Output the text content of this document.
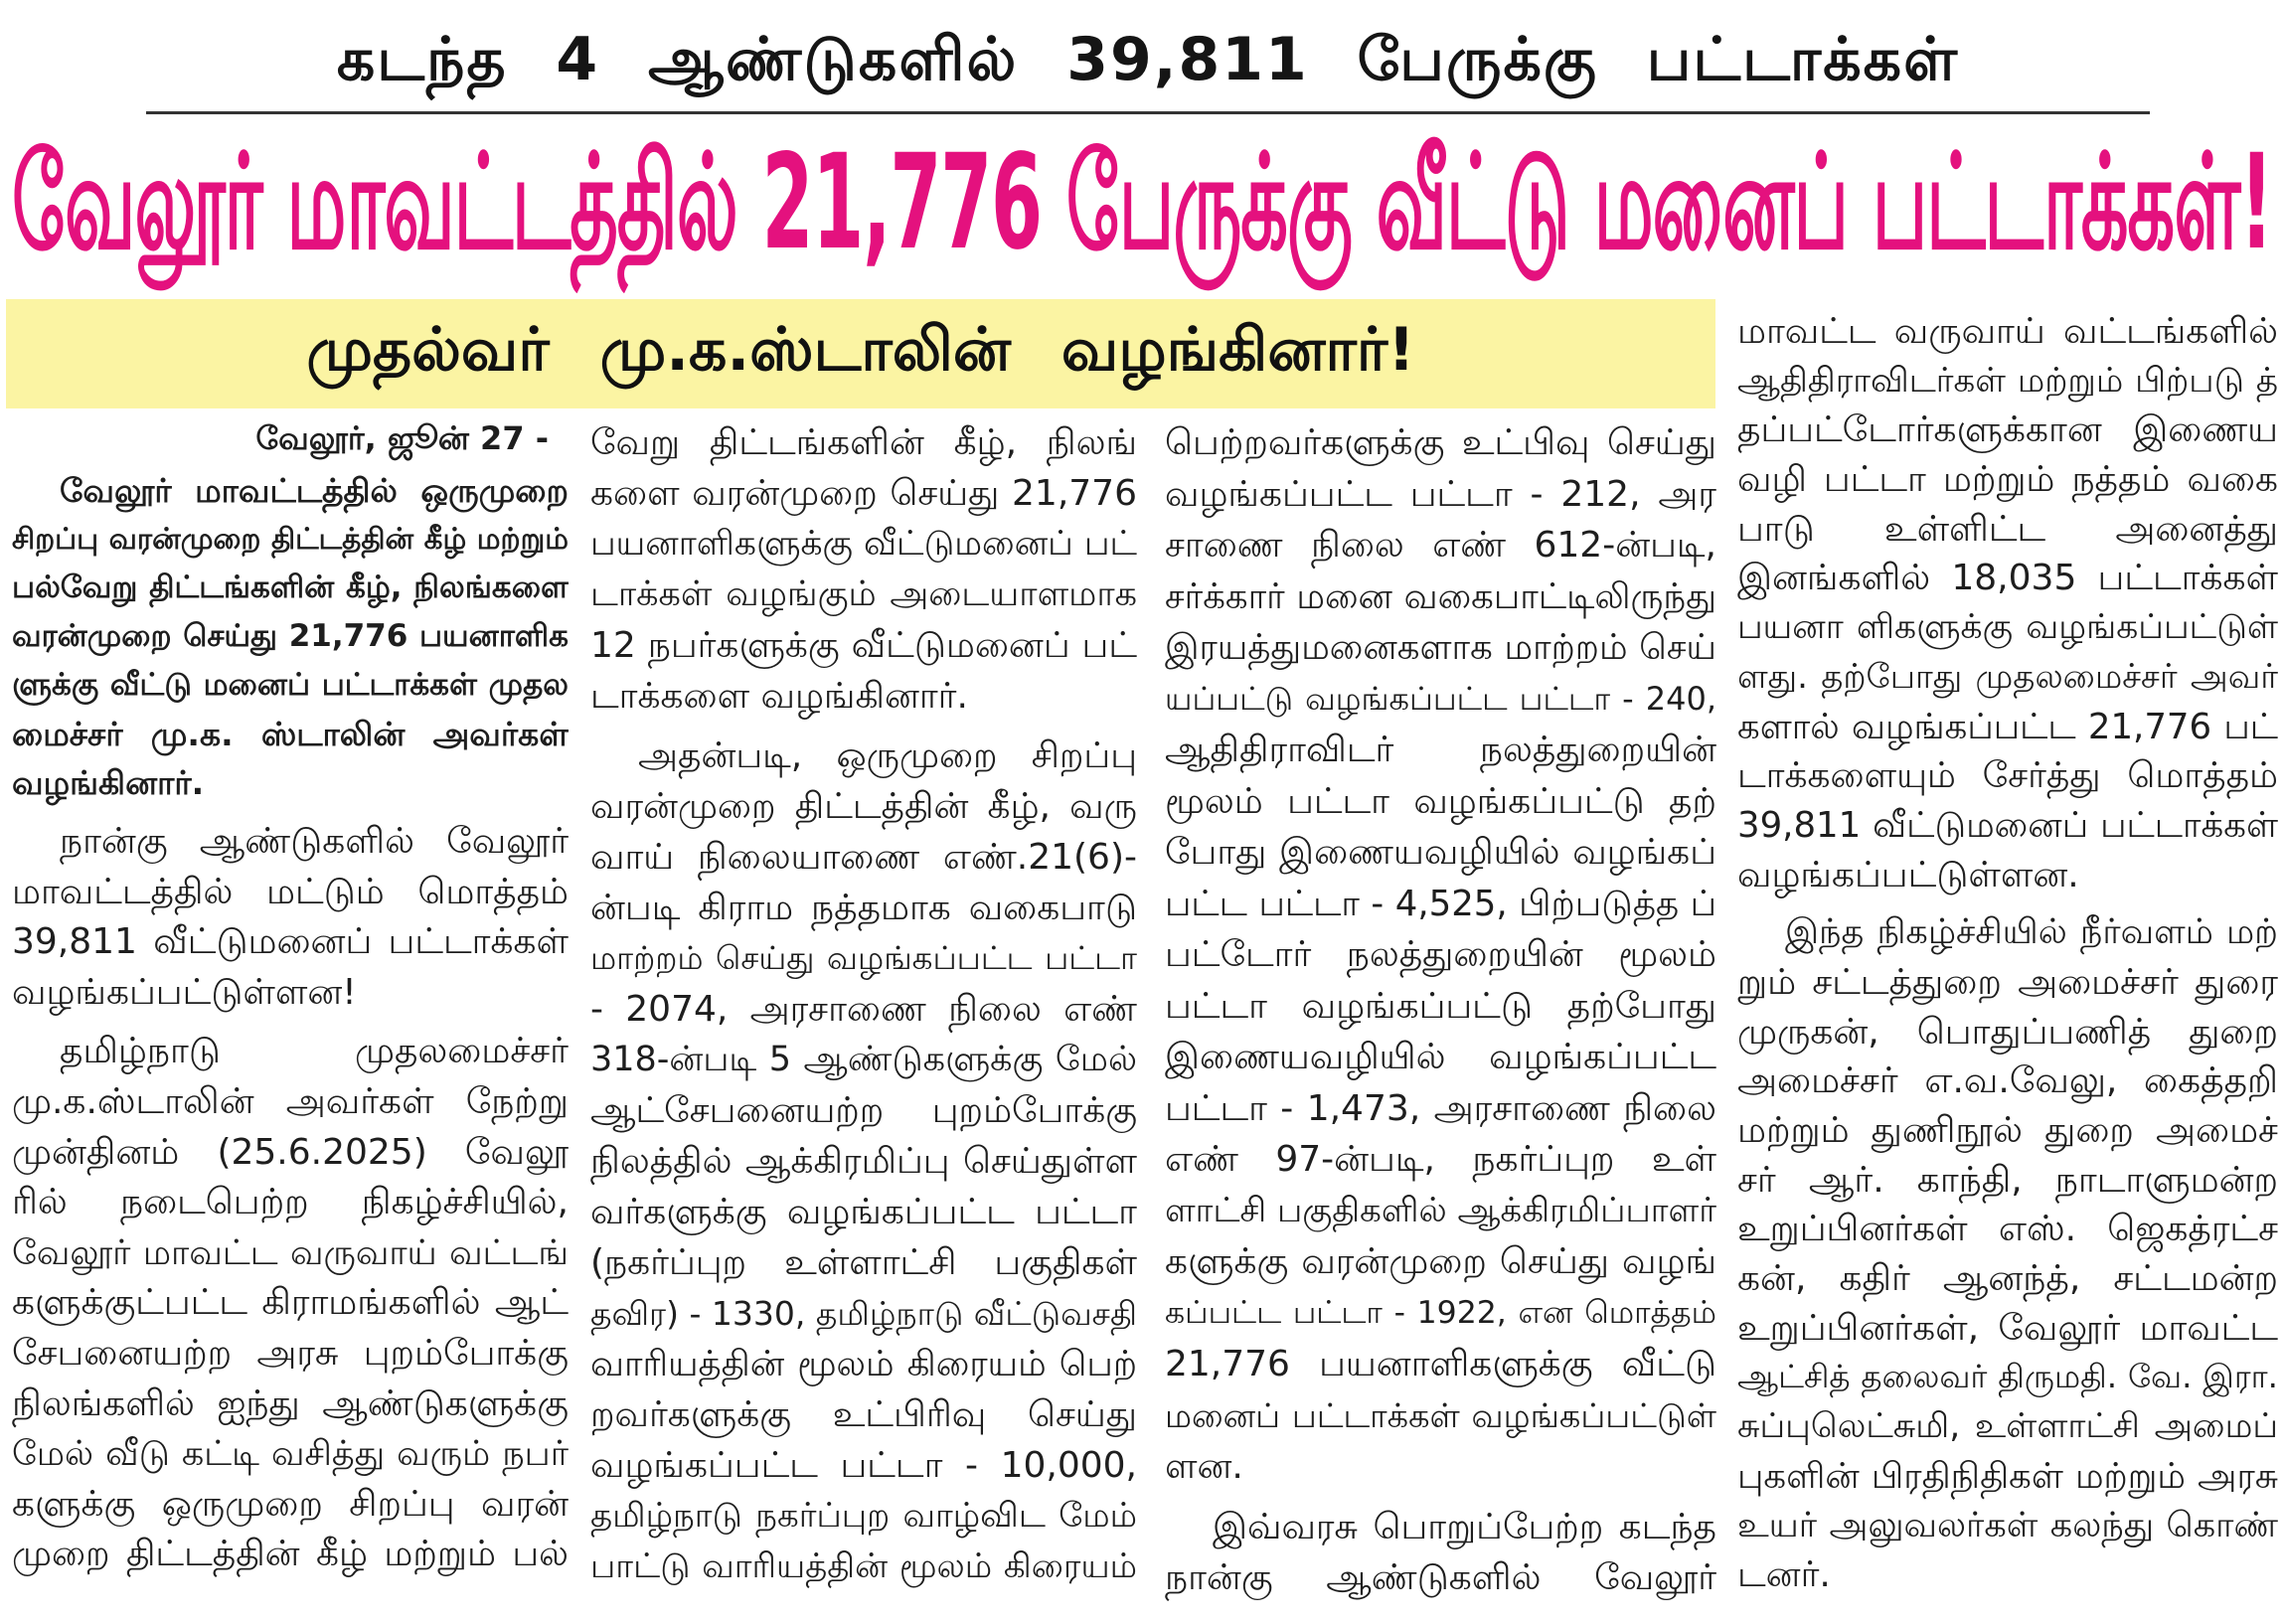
கடந்த 4 ஆண்டுகளில் 39,811 பேருக்கு பட்டாக்கள்
வேலூர் மாவட்டத்தில் 21,776 பேருக்கு வீட்டு மனைப் பட்டாக்கள்!
முதல்வர் மு.க.ஸ்டாலின் வழங்கினார்!
வேலூர், ஜூன் 27 -
வேலூர் மாவட்டத்தில் ஒருமுறை
சிறப்பு வரன்முறை திட்டத்தின் கீழ் மற்றும்
பல்வேறு திட்டங்களின் கீழ், நிலங்களை
வரன்முறை செய்து 21,776 பயனாளிக
ளுக்கு வீட்டு மனைப் பட்டாக்கள் முதல
மைச்சர் மு.க. ஸ்டாலின் அவர்கள்
வழங்கினார்.
நான்கு ஆண்டுகளில் வேலூர்
மாவட்டத்தில் மட்டும் மொத்தம்
39,811 வீட்டுமனைப் பட்டாக்கள்
வழங்கப்பட்டுள்ளன!
தமிழ்நாடு முதலமைச்சர்
மு.க.ஸ்டாலின் அவர்கள் நேற்று
முன்தினம் (25.6.2025) வேலூ
ரில் நடைபெற்ற நிகழ்ச்சியில்,
வேலூர் மாவட்ட வருவாய் வட்டங்
களுக்குட்பட்ட கிராமங்களில் ஆட்
சேபனையற்ற அரசு புறம்போக்கு
நிலங்களில் ஐந்து ஆண்டுகளுக்கு
மேல் வீடு கட்டி வசித்து வரும் நபர்
களுக்கு ஒருமுறை சிறப்பு வரன்
முறை திட்டத்தின் கீழ் மற்றும் பல்
வேறு திட்டங்களின் கீழ், நிலங்
களை வரன்முறை செய்து 21,776
பயனாளிகளுக்கு வீட்டுமனைப் பட்
டாக்கள் வழங்கும் அடையாளமாக
12 நபர்களுக்கு வீட்டுமனைப் பட்
டாக்களை வழங்கினார்.
அதன்படி, ஒருமுறை சிறப்பு
வரன்முறை திட்டத்தின் கீழ், வரு
வாய் நிலையாணை எண்.21(6)-
ன்படி கிராம நத்தமாக வகைபாடு
மாற்றம் செய்து வழங்கப்பட்ட பட்டா
- 2074, அரசாணை நிலை எண்
318-ன்படி 5 ஆண்டுகளுக்கு மேல்
ஆட்சேபனையற்ற புறம்போக்கு
நிலத்தில் ஆக்கிரமிப்பு செய்துள்ள
வர்களுக்கு வழங்கப்பட்ட பட்டா
(நகர்ப்புற உள்ளாட்சி பகுதிகள்
தவிர) - 1330, தமிழ்நாடு வீட்டுவசதி
வாரியத்தின் மூலம் கிரையம் பெற்
றவர்களுக்கு உட்பிரிவு செய்து
வழங்கப்பட்ட பட்டா - 10,000,
தமிழ்நாடு நகர்ப்புற வாழ்விட மேம்
பாட்டு வாரியத்தின் மூலம் கிரையம்
பெற்றவர்களுக்கு உட்பிவு செய்து
வழங்கப்பட்ட பட்டா - 212, அர
சாணை நிலை எண் 612-ன்படி,
சர்க்கார் மனை வகைபாட்டிலிருந்து
இரயத்துமனைகளாக மாற்றம் செய்
யப்பட்டு வழங்கப்பட்ட பட்டா - 240,
ஆதிதிராவிடர் நலத்துறையின்
மூலம் பட்டா வழங்கப்பட்டு தற்
போது இணையவழியில் வழங்கப்
பட்ட பட்டா - 4,525, பிற்படுத்த ப்
பட்டோர் நலத்துறையின் மூலம்
பட்டா வழங்கப்பட்டு தற்போது
இணையவழியில் வழங்கப்பட்ட
பட்டா - 1,473, அரசாணை நிலை
எண் 97-ன்படி, நகர்ப்புற உள்
ளாட்சி பகுதிகளில் ஆக்கிரமிப்பாளர்
களுக்கு வரன்முறை செய்து வழங்
கப்பட்ட பட்டா - 1922, என மொத்தம்
21,776 பயனாளிகளுக்கு வீட்டு
மனைப் பட்டாக்கள் வழங்கப்பட்டுள்
ளன.
இவ்வரசு பொறுப்பேற்ற கடந்த
நான்கு ஆண்டுகளில் வேலூர்
மாவட்ட வருவாய் வட்டங்களில்
ஆதிதிராவிடர்கள் மற்றும் பிற்படு த்
தப்பட்டோர்களுக்கான இணைய
வழி பட்டா மற்றும் நத்தம் வகை
பாடு உள்ளிட்ட அனைத்து
இனங்களில் 18,035 பட்டாக்கள்
பயனா ளிகளுக்கு வழங்கப்பட்டுள்
ளது. தற்போது முதலமைச்சர் அவர்
களால் வழங்கப்பட்ட 21,776 பட்
டாக்களையும் சேர்த்து மொத்தம்
39,811 வீட்டுமனைப் பட்டாக்கள்
வழங்கப்பட்டுள்ளன.
இந்த நிகழ்ச்சியில் நீர்வளம் மற்
றும் சட்டத்துறை அமைச்சர் துரை
முருகன், பொதுப்பணித் துறை
அமைச்சர் எ.வ.வேலு, கைத்தறி
மற்றும் துணிநூல் துறை அமைச்
சர் ஆர். காந்தி, நாடாளுமன்ற
உறுப்பினர்கள் எஸ். ஜெகத்ரட்ச
கன், கதிர் ஆனந்த், சட்டமன்ற
உறுப்பினர்கள், வேலூர் மாவட்ட
ஆட்சித் தலைவர் திருமதி. வே. இரா.
சுப்புலெட்சுமி, உள்ளாட்சி அமைப்
புகளின் பிரதிநிதிகள் மற்றும் அரசு
உயர் அலுவலர்கள் கலந்து கொண்
டனர்.
